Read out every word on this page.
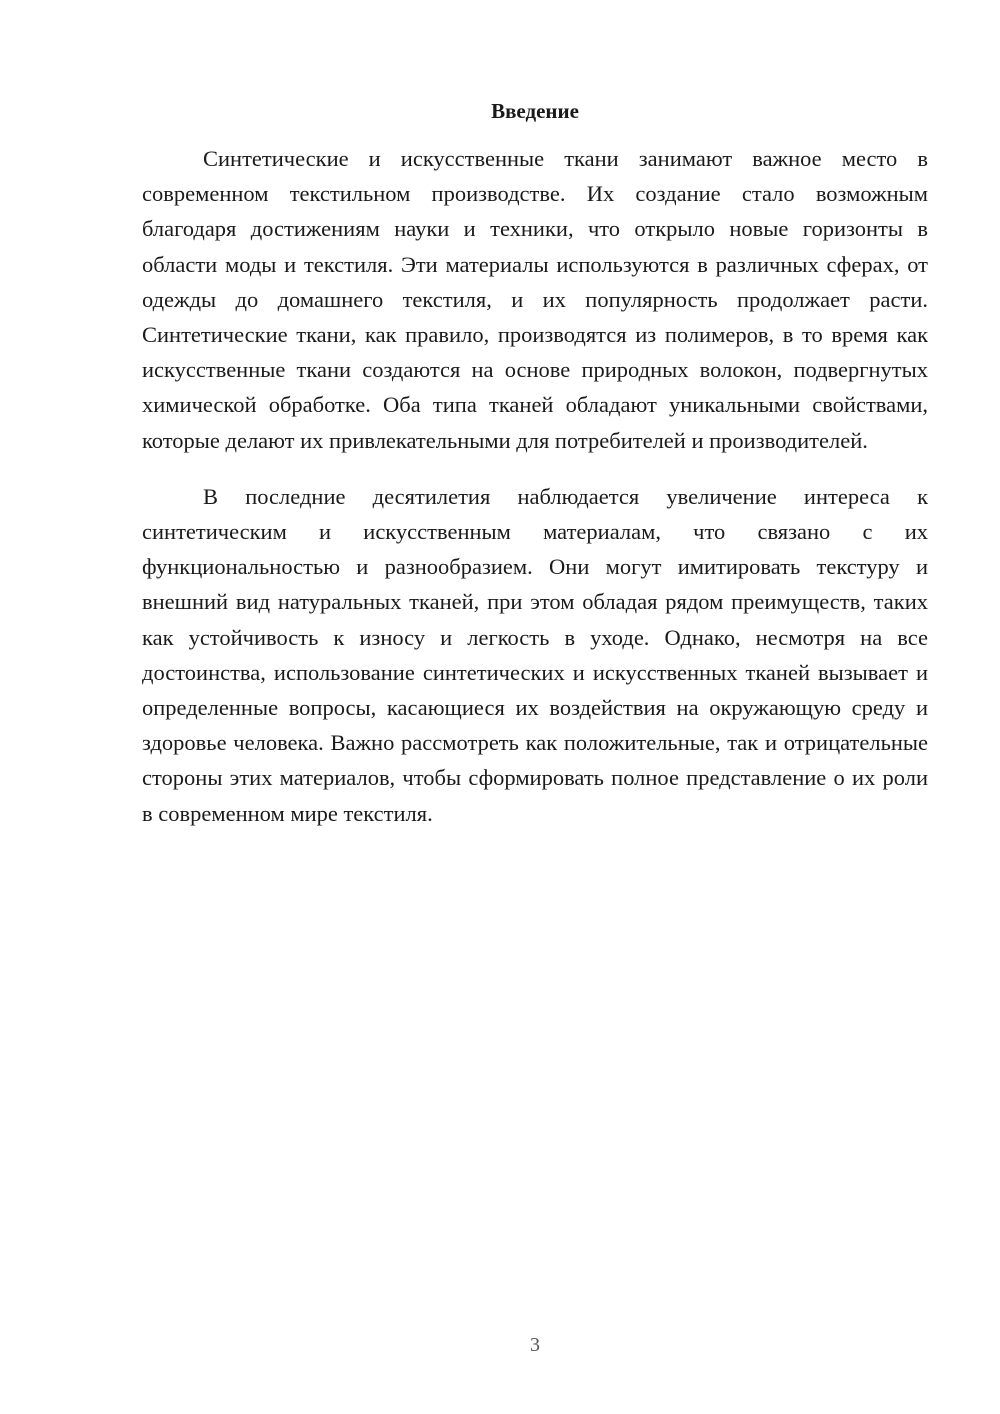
Введение

Синтетические и искусственные ткани занимают важное место в современном текстильном производстве. Их создание стало возможным благодаря достижениям науки и техники, что открыло новые горизонты в области моды и текстиля. Эти материалы используются в различных сферах, от одежды до домашнего текстиля, и их популярность продолжает расти. Синтетические ткани, как правило, производятся из полимеров, в то время как искусственные ткани создаются на основе природных волокон, подвергнутых химической обработке. Оба типа тканей обладают уникальными свойствами, которые делают их привлекательными для потребителей и производителей.

В последние десятилетия наблюдается увеличение интереса к синтетическим и искусственным материалам, что связано с их функциональностью и разнообразием. Они могут имитировать текстуру и внешний вид натуральных тканей, при этом обладая рядом преимуществ, таких как устойчивость к износу и легкость в уходе. Однако, несмотря на все достоинства, использование синтетических и искусственных тканей вызывает и определенные вопросы, касающиеся их воздействия на окружающую среду и здоровье человека. Важно рассмотреть как положительные, так и отрицательные стороны этих материалов, чтобы сформировать полное представление о их роли в современном мире текстиля.

3
